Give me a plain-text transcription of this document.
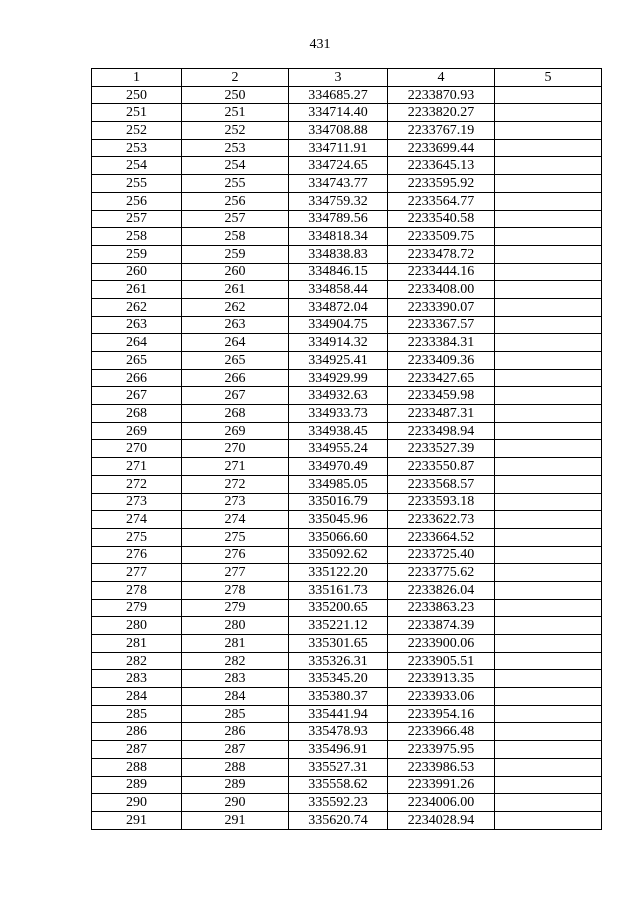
431
1	2	3	4	5
250	250	334685.27	2233870.93	
251	251	334714.40	2233820.27	
252	252	334708.88	2233767.19	
253	253	334711.91	2233699.44	
254	254	334724.65	2233645.13	
255	255	334743.77	2233595.92	
256	256	334759.32	2233564.77	
257	257	334789.56	2233540.58	
258	258	334818.34	2233509.75	
259	259	334838.83	2233478.72	
260	260	334846.15	2233444.16	
261	261	334858.44	2233408.00	
262	262	334872.04	2233390.07	
263	263	334904.75	2233367.57	
264	264	334914.32	2233384.31	
265	265	334925.41	2233409.36	
266	266	334929.99	2233427.65	
267	267	334932.63	2233459.98	
268	268	334933.73	2233487.31	
269	269	334938.45	2233498.94	
270	270	334955.24	2233527.39	
271	271	334970.49	2233550.87	
272	272	334985.05	2233568.57	
273	273	335016.79	2233593.18	
274	274	335045.96	2233622.73	
275	275	335066.60	2233664.52	
276	276	335092.62	2233725.40	
277	277	335122.20	2233775.62	
278	278	335161.73	2233826.04	
279	279	335200.65	2233863.23	
280	280	335221.12	2233874.39	
281	281	335301.65	2233900.06	
282	282	335326.31	2233905.51	
283	283	335345.20	2233913.35	
284	284	335380.37	2233933.06	
285	285	335441.94	2233954.16	
286	286	335478.93	2233966.48	
287	287	335496.91	2233975.95	
288	288	335527.31	2233986.53	
289	289	335558.62	2233991.26	
290	290	335592.23	2234006.00	
291	291	335620.74	2234028.94	
